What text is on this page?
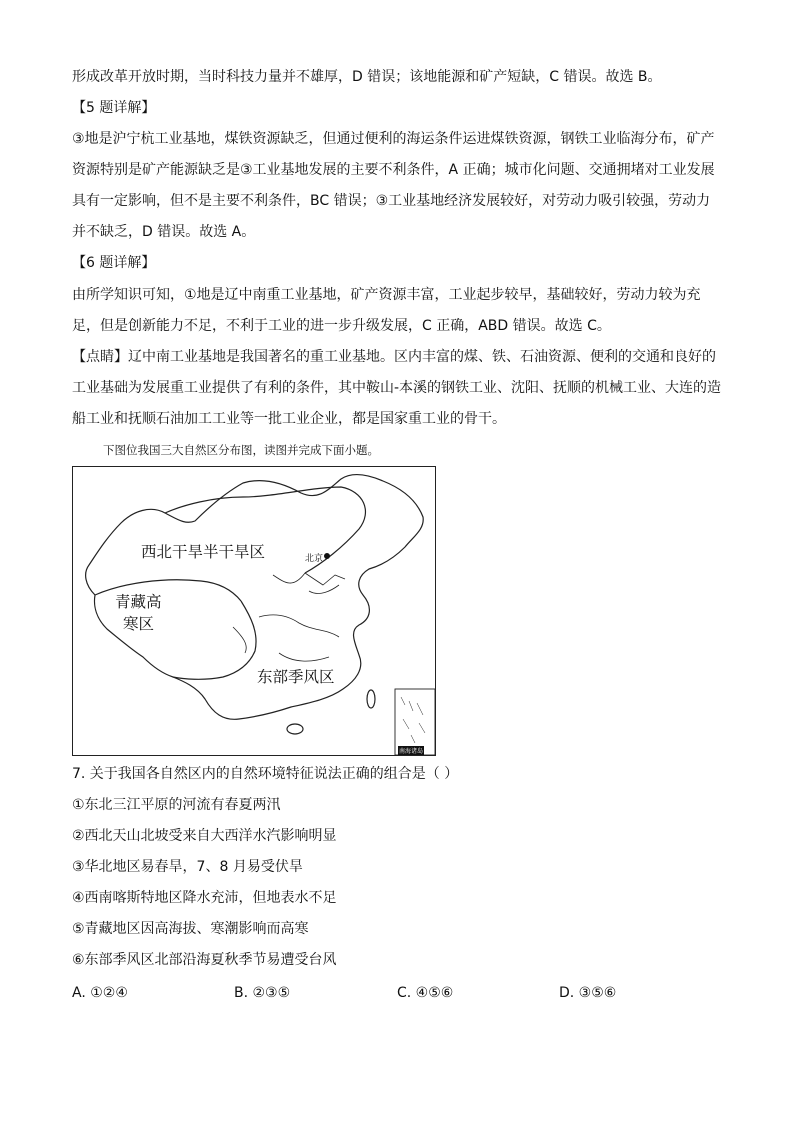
形成改革开放时期，当时科技力量并不雄厚，D 错误；该地能源和矿产短缺，C 错误。故选 B。
【5 题详解】
③地是沪宁杭工业基地，煤铁资源缺乏，但通过便利的海运条件运进煤铁资源，钢铁工业临海分布，矿产
资源特别是矿产能源缺乏是③工业基地发展的主要不利条件，A 正确；城市化问题、交通拥堵对工业发展
具有一定影响，但不是主要不利条件，BC 错误；③工业基地经济发展较好，对劳动力吸引较强，劳动力
并不缺乏，D 错误。故选 A。
【6 题详解】
由所学知识可知，①地是辽中南重工业基地，矿产资源丰富，工业起步较早，基础较好，劳动力较为充
足，但是创新能力不足，不利于工业的进一步升级发展，C 正确，ABD 错误。故选 C。
【点睛】辽中南工业基地是我国著名的重工业基地。区内丰富的煤、铁、石油资源、便利的交通和良好的
工业基础为发展重工业提供了有利的条件，其中鞍山-本溪的钢铁工业、沈阳、抚顺的机械工业、大连的造
船工业和抚顺石油加工工业等一批工业企业，都是国家重工业的骨干。
下图位我国三大自然区分布图，读图并完成下面小题。
西北干旱半干旱区
青藏高
寒区
东部季风区
北京
南海诸岛
7. 关于我国各自然区内的自然环境特征说法正确的组合是（ ）
①东北三江平原的河流有春夏两汛
②西北天山北坡受来自大西洋水汽影响明显
③华北地区易春旱，7、8 月易受伏旱
④西南喀斯特地区降水充沛，但地表水不足
⑤青藏地区因高海拔、寒潮影响而高寒
⑥东部季风区北部沿海夏秋季节易遭受台风
A. ①②④	B. ②③⑤	C. ④⑤⑥	D. ③⑤⑥
